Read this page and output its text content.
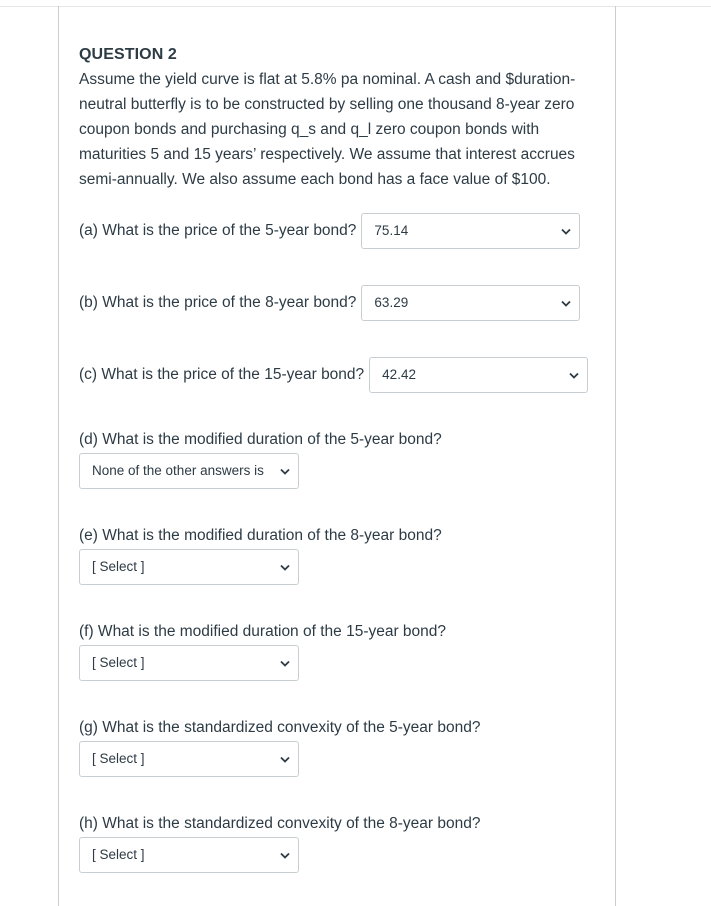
QUESTION 2
Assume the yield curve is flat at 5.8% pa nominal. A cash and $duration-neutral butterfly is to be constructed by selling one thousand 8-year zero coupon bonds and purchasing q_s and q_l zero coupon bonds with maturities 5 and 15 years’ respectively. We assume that interest accrues semi-annually. We also assume each bond has a face value of $100.
(a) What is the price of the 5-year bond? 75.14
(b) What is the price of the 8-year bond? 63.29
(c) What is the price of the 15-year bond? 42.42
(d) What is the modified duration of the 5-year bond?
None of the other answers is
(e) What is the modified duration of the 8-year bond?
[ Select ]
(f) What is the modified duration of the 15-year bond?
[ Select ]
(g) What is the standardized convexity of the 5-year bond?
[ Select ]
(h) What is the standardized convexity of the 8-year bond?
[ Select ]
